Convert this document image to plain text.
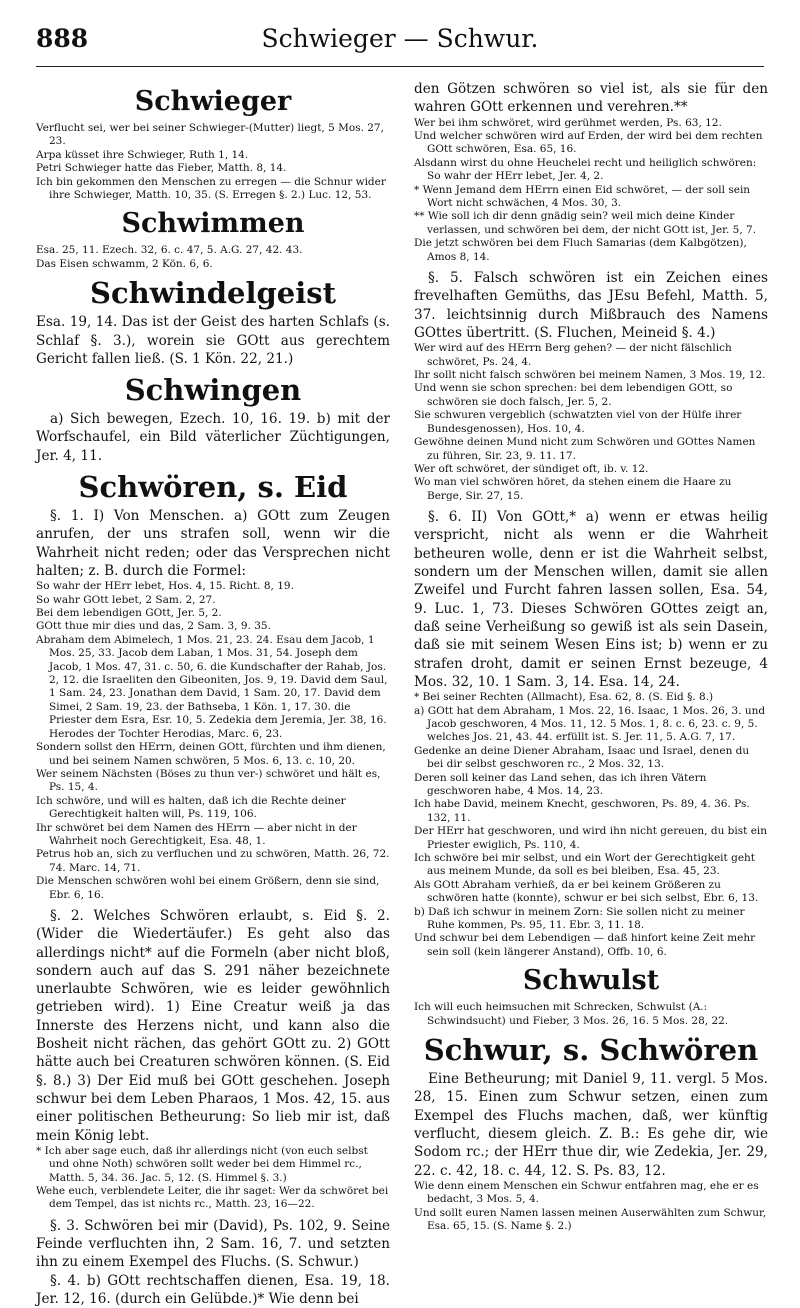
888	Schwieger — Schwur.
Schwieger

Verflucht sei, wer bei seiner Schwieger-(Mutter) liegt, 5 Mos. 27, 23.

Arpa küsset ihre Schwieger, Ruth 1, 14.

Petri Schwieger hatte das Fieber, Matth. 8, 14.

Ich bin gekommen den Menschen zu erregen — die Schnur wider ihre Schwieger, Matth. 10, 35. (S. Erregen §. 2.) Luc. 12, 53.

Schwimmen

Esa. 25, 11. Ezech. 32, 6. c. 47, 5. A.G. 27, 42. 43.

Das Eisen schwamm, 2 Kön. 6, 6.

Schwindelgeist

Esa. 19, 14. Das ist der Geist des harten Schlafs (s. Schlaf §. 3.), worein sie GOtt aus gerechtem Gericht fallen ließ. (S. 1 Kön. 22, 21.)

Schwingen

a) Sich bewegen, Ezech. 10, 16. 19. b) mit der Worfschaufel, ein Bild väterlicher Züchtigungen, Jer. 4, 11.

Schwören, s. Eid

§. 1. I) Von Menschen. a) GOtt zum Zeugen anrufen, der uns strafen soll, wenn wir die Wahrheit nicht reden; oder das Versprechen nicht halten; z. B. durch die Formel:

So wahr der HErr lebet, Hos. 4, 15. Richt. 8, 19.

So wahr GOtt lebet, 2 Sam. 2, 27.

Bei dem lebendigen GOtt, Jer. 5, 2.

GOtt thue mir dies und das, 2 Sam. 3, 9. 35.

Abraham dem Abimelech, 1 Mos. 21, 23. 24. Esau dem Jacob, 1 Mos. 25, 33. Jacob dem Laban, 1 Mos. 31, 54. Joseph dem Jacob, 1 Mos. 47, 31. c. 50, 6. die Kundschafter der Rahab, Jos. 2, 12. die Israeliten den Gibeoniten, Jos. 9, 19. David dem Saul, 1 Sam. 24, 23. Jonathan dem David, 1 Sam. 20, 17. David dem Simei, 2 Sam. 19, 23. der Bathseba, 1 Kön. 1, 17. 30. die Priester dem Esra, Esr. 10, 5. Zedekia dem Jeremia, Jer. 38, 16. Herodes der Tochter Herodias, Marc. 6, 23.

Sondern sollst den HErrn, deinen GOtt, fürchten und ihm dienen, und bei seinem Namen schwören, 5 Mos. 6, 13. c. 10, 20.

Wer seinem Nächsten (Böses zu thun ver-) schwöret und hält es, Ps. 15, 4.

Ich schwöre, und will es halten, daß ich die Rechte deiner Gerechtigkeit halten will, Ps. 119, 106.

Ihr schwöret bei dem Namen des HErrn — aber nicht in der Wahrheit noch Gerechtigkeit, Esa. 48, 1.

Petrus hob an, sich zu verfluchen und zu schwören, Matth. 26, 72. 74. Marc. 14, 71.

Die Menschen schwören wohl bei einem Größern, denn sie sind, Ebr. 6, 16.

§. 2. Welches Schwören erlaubt, s. Eid §. 2. (Wider die Wiedertäufer.) Es geht also das allerdings nicht* auf die Formeln (aber nicht bloß, sondern auch auf das S. 291 näher bezeichnete unerlaubte Schwören, wie es leider gewöhnlich getrieben wird). 1) Eine Creatur weiß ja das Innerste des Herzens nicht, und kann also die Bosheit nicht rächen, das gehört GOtt zu. 2) GOtt hätte auch bei Creaturen schwören können. (S. Eid §. 8.) 3) Der Eid muß bei GOtt geschehen. Joseph schwur bei dem Leben Pharaos, 1 Mos. 42, 15. aus einer politischen Betheurung: So lieb mir ist, daß mein König lebt.

* Ich aber sage euch, daß ihr allerdings nicht (von euch selbst und ohne Noth) schwören sollt weder bei dem Himmel rc., Matth. 5, 34. 36. Jac. 5, 12. (S. Himmel §. 3.)

Wehe euch, verblendete Leiter, die ihr saget: Wer da schwöret bei dem Tempel, das ist nichts rc., Matth. 23, 16—22.

§. 3. Schwören bei mir (David), Ps. 102, 9. Seine Feinde verfluchten ihn, 2 Sam. 16, 7. und setzten ihn zu einem Exempel des Fluchs. (S. Schwur.)

§. 4. b) GOtt rechtschaffen dienen, Esa. 19, 18. Jer. 12, 16. (durch ein Gelübde.)* Wie denn bei

den Götzen schwören so viel ist, als sie für den wahren GOtt erkennen und verehren.**

Wer bei ihm schwöret, wird gerühmet werden, Ps. 63, 12.

Und welcher schwören wird auf Erden, der wird bei dem rechten GOtt schwören, Esa. 65, 16.

Alsdann wirst du ohne Heuchelei recht und heiliglich schwören: So wahr der HErr lebet, Jer. 4, 2.

* Wenn Jemand dem HErrn einen Eid schwöret, — der soll sein Wort nicht schwächen, 4 Mos. 30, 3.

** Wie soll ich dir denn gnädig sein? weil mich deine Kinder verlassen, und schwören bei dem, der nicht GOtt ist, Jer. 5, 7.

Die jetzt schwören bei dem Fluch Samarias (dem Kalbgötzen), Amos 8, 14.

§. 5. Falsch schwören ist ein Zeichen eines frevelhaften Gemüths, das JEsu Befehl, Matth. 5, 37. leichtsinnig durch Mißbrauch des Namens GOttes übertritt. (S. Fluchen, Meineid §. 4.)

Wer wird auf des HErrn Berg gehen? — der nicht fälschlich schwöret, Ps. 24, 4.

Ihr sollt nicht falsch schwören bei meinem Namen, 3 Mos. 19, 12.

Und wenn sie schon sprechen: bei dem lebendigen GOtt, so schwören sie doch falsch, Jer. 5, 2.

Sie schwuren vergeblich (schwatzten viel von der Hülfe ihrer Bundesgenossen), Hos. 10, 4.

Gewöhne deinen Mund nicht zum Schwören und GOttes Namen zu führen, Sir. 23, 9. 11. 17.

Wer oft schwöret, der sündiget oft, ib. v. 12.

Wo man viel schwören höret, da stehen einem die Haare zu Berge, Sir. 27, 15.

§. 6. II) Von GOtt,* a) wenn er etwas heilig verspricht, nicht als wenn er die Wahrheit betheuren wolle, denn er ist die Wahrheit selbst, sondern um der Menschen willen, damit sie allen Zweifel und Furcht fahren lassen sollen, Esa. 54, 9. Luc. 1, 73. Dieses Schwören GOttes zeigt an, daß seine Verheißung so gewiß ist als sein Dasein, daß sie mit seinem Wesen Eins ist; b) wenn er zu strafen droht, damit er seinen Ernst bezeuge, 4 Mos. 32, 10. 1 Sam. 3, 14. Esa. 14, 24.

* Bei seiner Rechten (Allmacht), Esa. 62, 8. (S. Eid §. 8.)

a) GOtt hat dem Abraham, 1 Mos. 22, 16. Isaac, 1 Mos. 26, 3. und Jacob geschworen, 4 Mos. 11, 12. 5 Mos. 1, 8. c. 6, 23. c. 9, 5. welches Jos. 21, 43. 44. erfüllt ist. S. Jer. 11, 5. A.G. 7, 17.

Gedenke an deine Diener Abraham, Isaac und Israel, denen du bei dir selbst geschworen rc., 2 Mos. 32, 13.

Deren soll keiner das Land sehen, das ich ihren Vätern geschworen habe, 4 Mos. 14, 23.

Ich habe David, meinem Knecht, geschworen, Ps. 89, 4. 36. Ps. 132, 11.

Der HErr hat geschworen, und wird ihn nicht gereuen, du bist ein Priester ewiglich, Ps. 110, 4.

Ich schwöre bei mir selbst, und ein Wort der Gerechtigkeit geht aus meinem Munde, da soll es bei bleiben, Esa. 45, 23.

Als GOtt Abraham verhieß, da er bei keinem Größeren zu schwören hatte (konnte), schwur er bei sich selbst, Ebr. 6, 13.

b) Daß ich schwur in meinem Zorn: Sie sollen nicht zu meiner Ruhe kommen, Ps. 95, 11. Ebr. 3, 11. 18.

Und schwur bei dem Lebendigen — daß hinfort keine Zeit mehr sein soll (kein längerer Anstand), Offb. 10, 6.

Schwulst

Ich will euch heimsuchen mit Schrecken, Schwulst (A.: Schwindsucht) und Fieber, 3 Mos. 26, 16. 5 Mos. 28, 22.

Schwur, s. Schwören

Eine Betheurung; mit Daniel 9, 11. vergl. 5 Mos. 28, 15. Einen zum Schwur setzen, einen zum Exempel des Fluchs machen, daß, wer künftig verflucht, diesem gleich. Z. B.: Es gehe dir, wie Sodom rc.; der HErr thue dir, wie Zedekia, Jer. 29, 22. c. 42, 18. c. 44, 12. S. Ps. 83, 12.

Wie denn einem Menschen ein Schwur entfahren mag, ehe er es bedacht, 3 Mos. 5, 4.

Und sollt euren Namen lassen meinen Auserwählten zum Schwur, Esa. 65, 15. (S. Name §. 2.)
